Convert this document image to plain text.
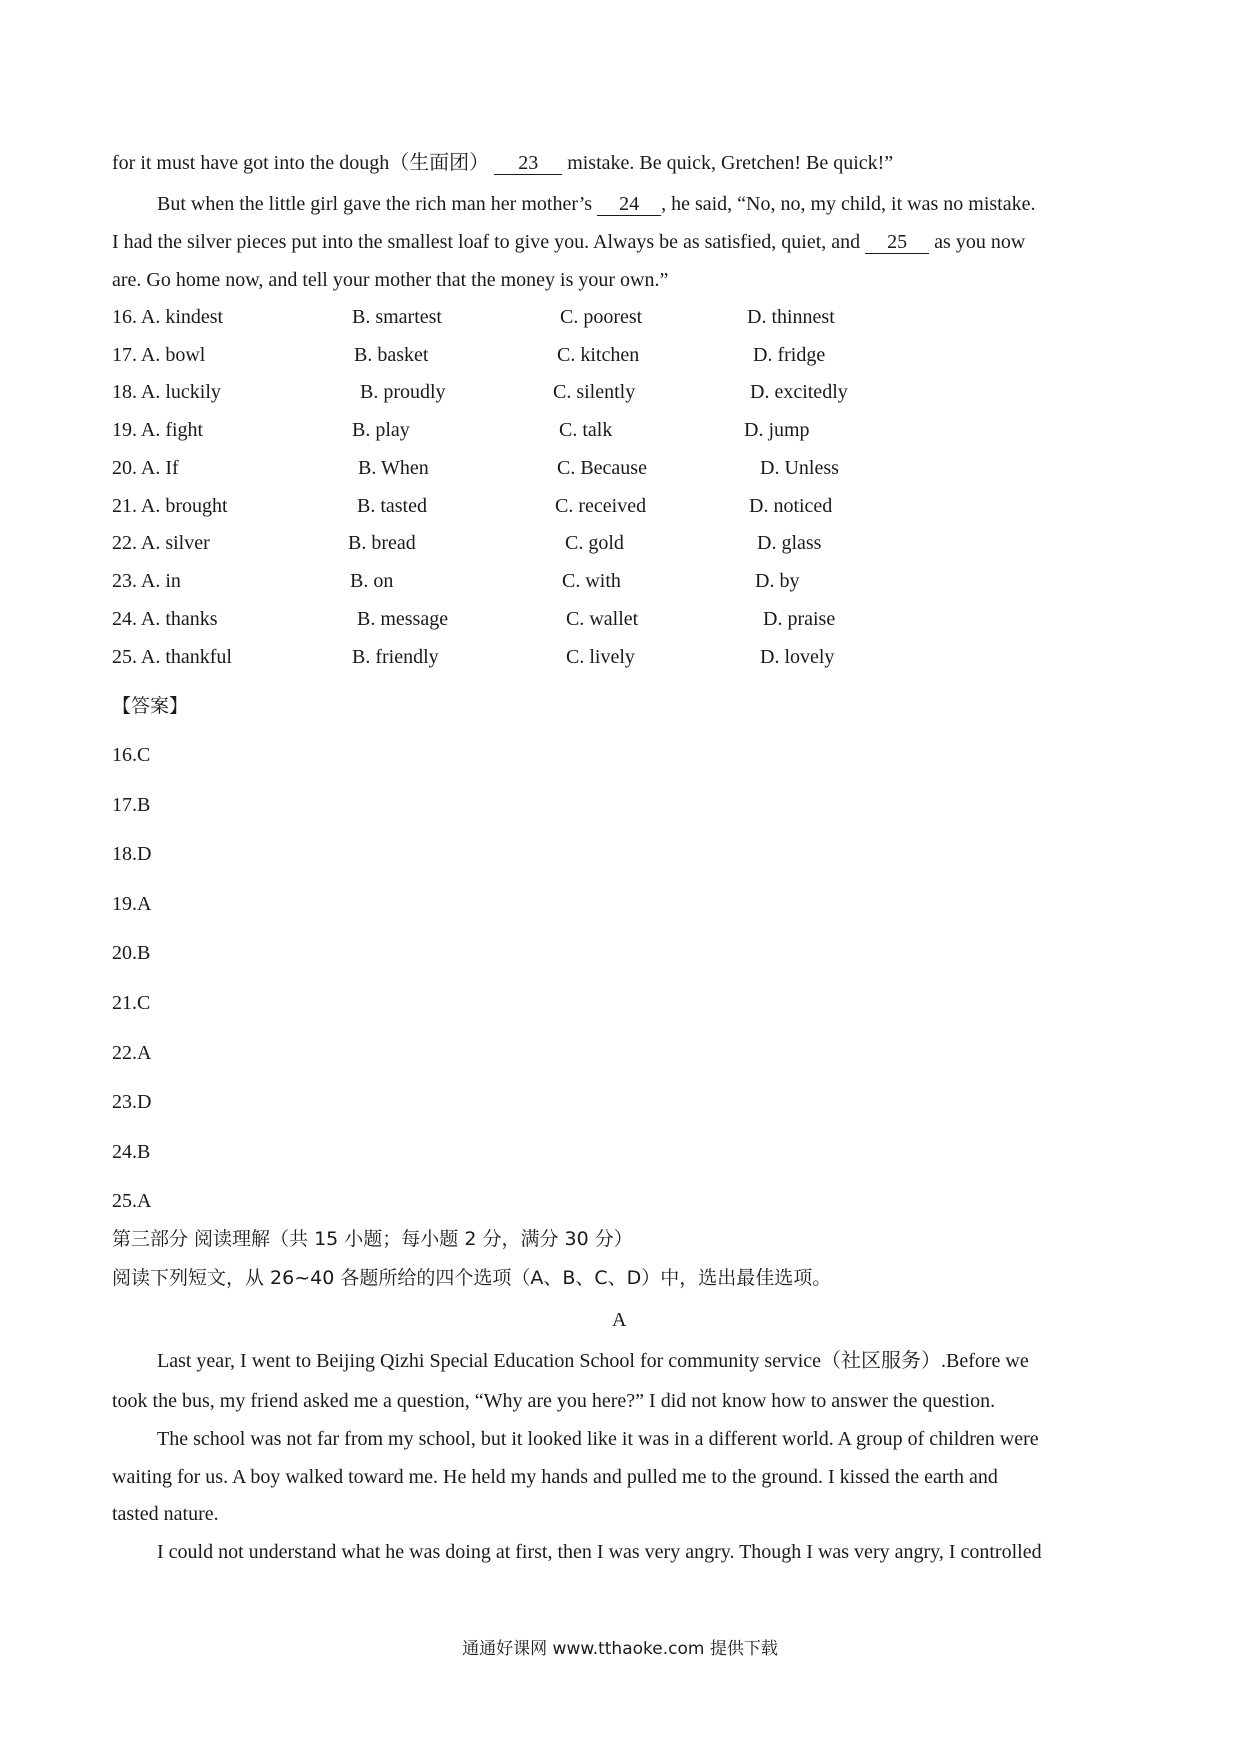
for it must have got into the dough（生面团） 23 mistake. Be quick, Gretchen! Be quick!”
But when the little girl gave the rich man her mother’s 24 , he said, “No, no, my child, it was no mistake.
I had the silver pieces put into the smallest loaf to give you. Always be as satisfied, quiet, and 25 as you now
are. Go home now, and tell your mother that the money is your own.”
16. A. kindest	B. smartest	C. poorest	D. thinnest
17. A. bowl	B. basket	C. kitchen	D. fridge
18. A. luckily	B. proudly	C. silently	D. excitedly
19. A. fight	B. play	C. talk	D. jump
20. A. If	B. When	C. Because	D. Unless
21. A. brought	B. tasted	C. received	D. noticed
22. A. silver	B. bread	C. gold	D. glass
23. A. in	B. on	C. with	D. by
24. A. thanks	B. message	C. wallet	D. praise
25. A. thankful	B. friendly	C. lively	D. lovely
【答案】
16.C
17.B
18.D
19.A
20.B
21.C
22.A
23.D
24.B
25.A
第三部分 阅读理解（共 15 小题；每小题 2 分，满分 30 分）
阅读下列短文，从 26~40 各题所给的四个选项（A、B、C、D）中，选出最佳选项。
A
Last year, I went to Beijing Qizhi Special Education School for community service（社区服务）.Before we
took the bus, my friend asked me a question, “Why are you here?” I did not know how to answer the question.
The school was not far from my school, but it looked like it was in a different world. A group of children were
waiting for us. A boy walked toward me. He held my hands and pulled me to the ground. I kissed the earth and
tasted nature.
I could not understand what he was doing at first, then I was very angry. Though I was very angry, I controlled
通通好课网 www.tthaoke.com 提供下载
